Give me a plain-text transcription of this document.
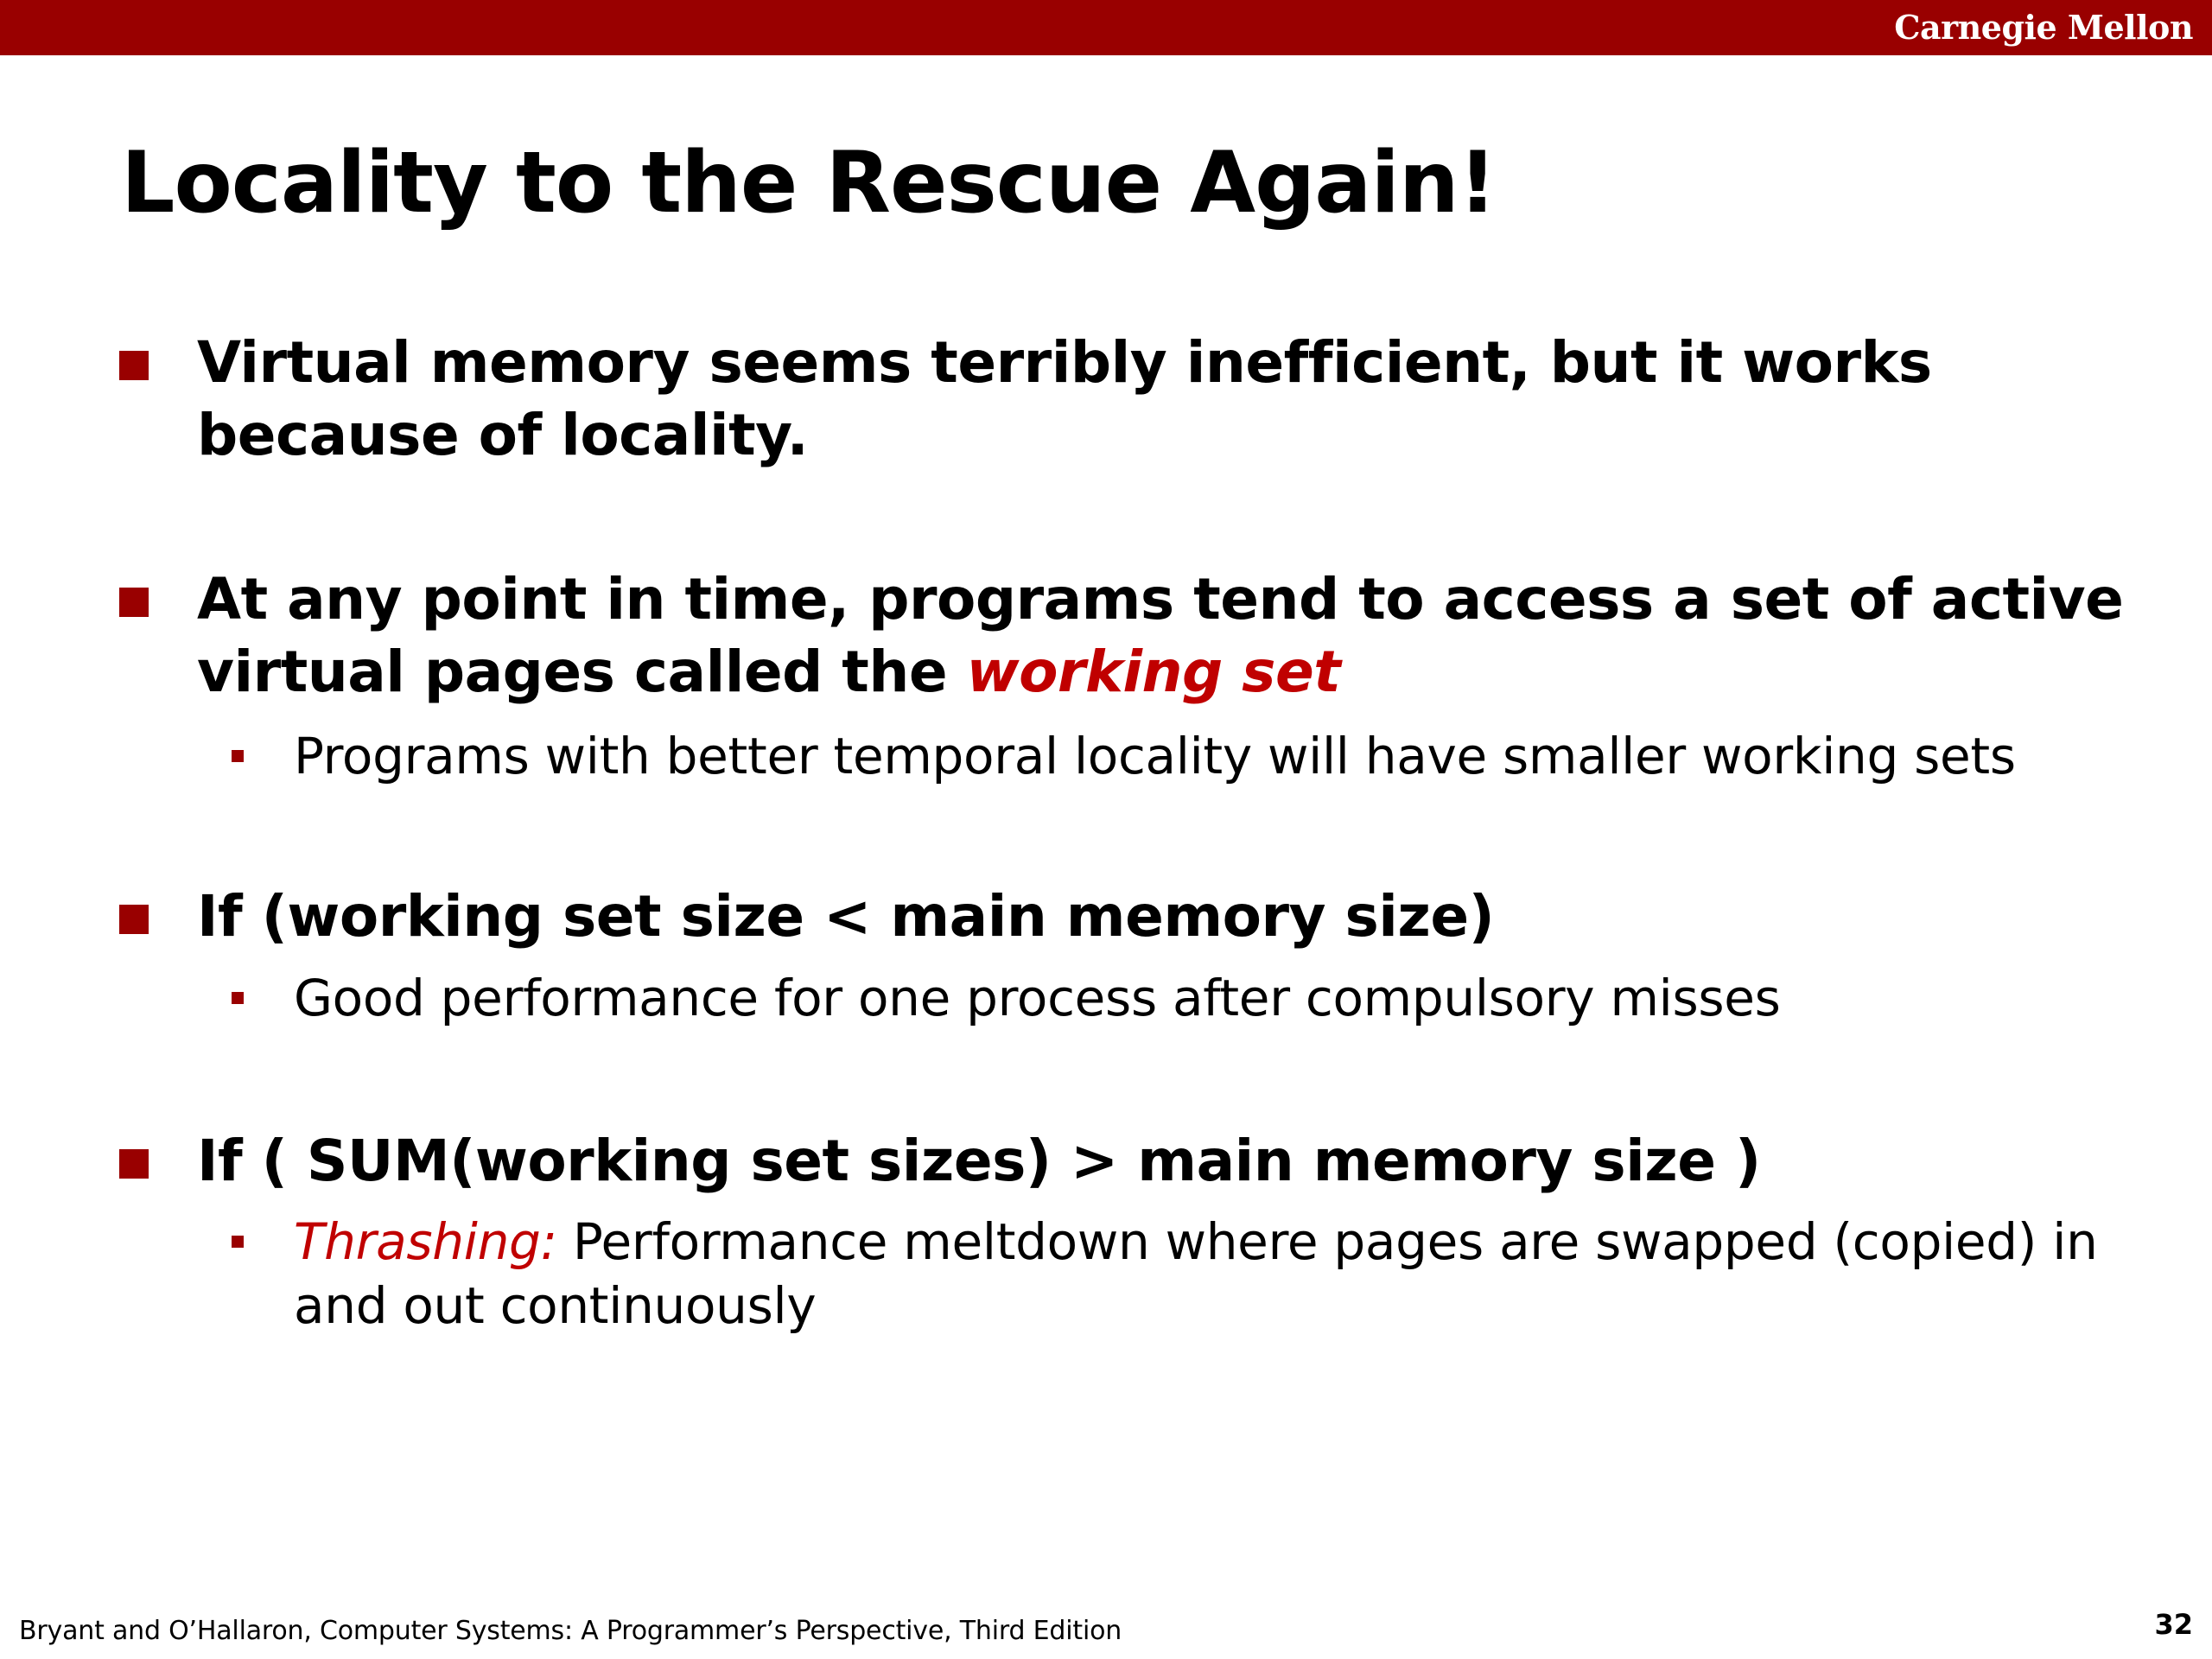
Carnegie Mellon
Locality to the Rescue Again!
Virtual memory seems terribly inefficient, but it works because of locality.
At any point in time, programs tend to access a set of active virtual pages called the working set
Programs with better temporal locality will have smaller working sets
If (working set size < main memory size)
Good performance for one process after compulsory misses
If ( SUM(working set sizes) > main memory size )
Thrashing: Performance meltdown where pages are swapped (copied) in and out continuously
Bryant and O’Hallaron, Computer Systems: A Programmer’s Perspective, Third Edition	32
